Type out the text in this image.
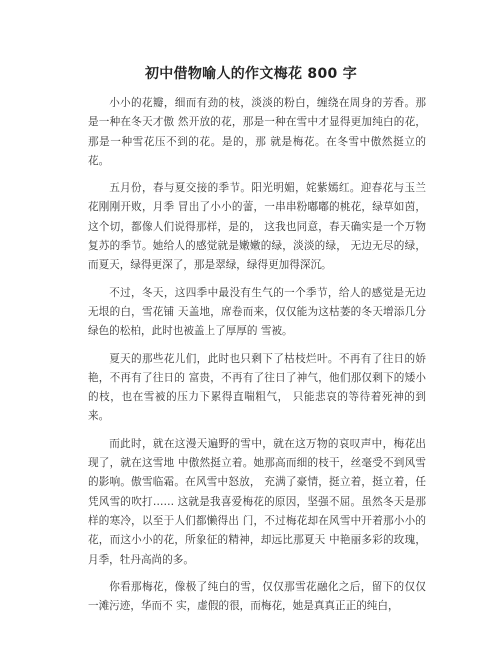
初中借物喻人的作文梅花 800 字

小小的花瓣，细而有劲的枝，淡淡的粉白，缠绕在周身的芳香。那是一种在冬天才傲 然开放的花，那是一种在雪中才显得更加纯白的花，那是一种雪花压不到的花。是的，那 就是梅花。在冬雪中傲然挺立的花。

五月份，春与夏交接的季节。阳光明媚，姹紫嫣红。迎春花与玉兰花刚刚开败，月季 冒出了小小的蕾，一串串粉嘟嘟的桃花，绿草如茵，这个切，都像人们说得那样，是的， 这我也同意，春天确实是一个万物复苏的季节。她给人的感觉就是嫩嫩的绿，淡淡的绿， 无边无尽的绿，而夏天，绿得更深了，那是翠绿，绿得更加得深沉。

不过，冬天，这四季中最没有生气的一个季节，给人的感觉是无边无垠的白，雪花铺 天盖地，席卷而来，仅仅能为这枯萎的冬天增添几分绿色的松柏，此时也被盖上了厚厚的 雪被。

夏天的那些花儿们，此时也只剩下了枯枝烂叶。不再有了往日的娇艳，不再有了往日的 富贵，不再有了往日了神气，他们那仅剩下的矮小的枝，也在雪被的压力下累得直喘粗气， 只能悲哀的等待着死神的到来。

而此时，就在这漫天遍野的雪中，就在这万物的哀叹声中，梅花出现了，就在这雪地 中傲然挺立着。她那高而细的枝干，丝毫受不到风雪的影响。傲雪临霜。在风雪中怒放， 充满了豪情，挺立着，挺立着，任凭风雪的吹打…… 这就是我喜爱梅花的原因，坚强不屈。虽然冬天是那样的寒冷，以至于人们都懒得出 门，不过梅花却在风雪中开着那小小的花，而这小小的花，所象征的精神，却远比那夏天 中艳丽多彩的玫瑰，月季，牡丹高尚的多。

你看那梅花，像极了纯白的雪，仅仅那雪花融化之后，留下的仅仅一滩污迹，华而不 实，虚假的很，而梅花，她是真真正正的纯白，
